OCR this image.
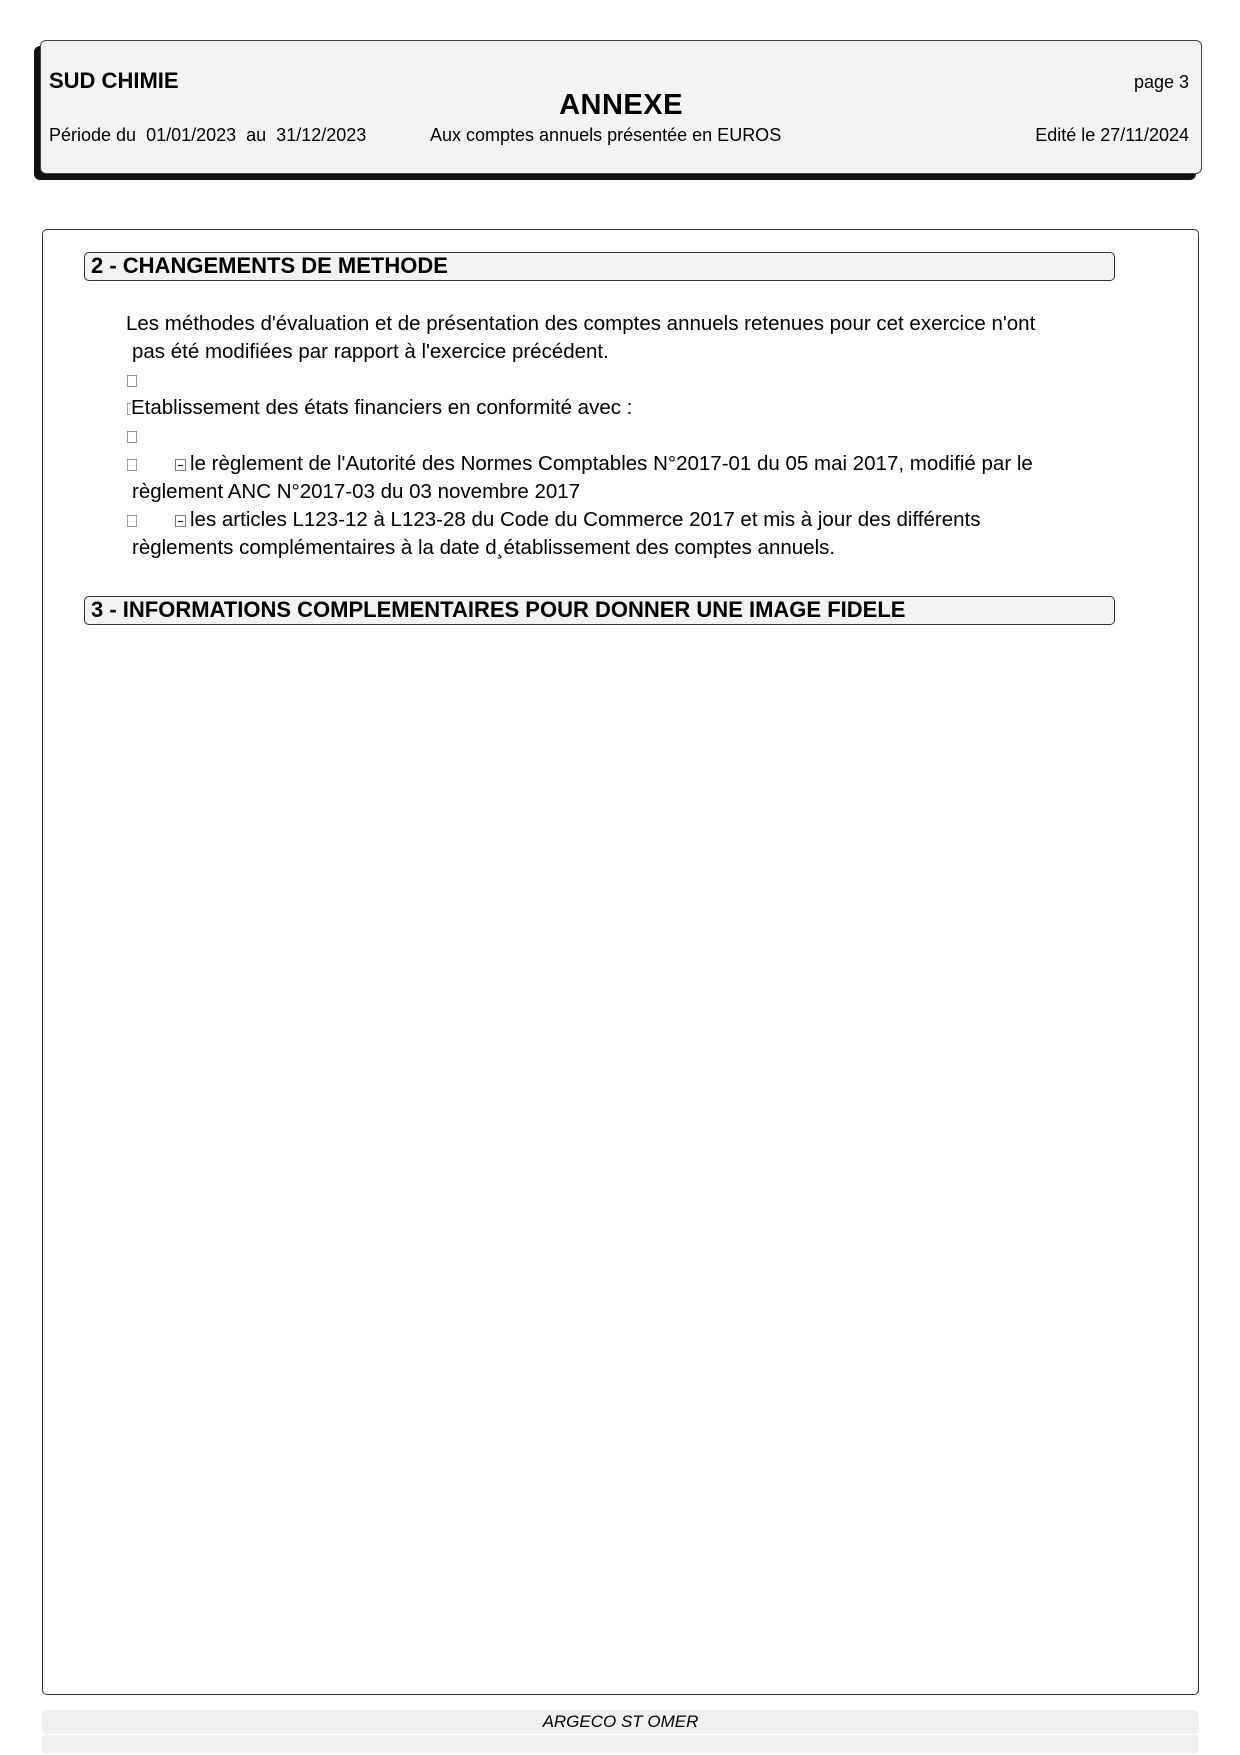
SUD CHIMIE
ANNEXE
page 3
Période du  01/01/2023  au  31/12/2023	Aux comptes annuels présentée en EUROS	Edité le 27/11/2024
2 - CHANGEMENTS DE METHODE
Les méthodes d'évaluation et de présentation des comptes annuels retenues pour cet exercice n'ont
pas été modifiées par rapport à l'exercice précédent.
Etablissement des états financiers en conformité avec :
le règlement de l'Autorité des Normes Comptables N°2017-01 du 05 mai 2017, modifié par le
règlement ANC N°2017-03 du 03 novembre 2017
les articles L123-12 à L123-28 du Code du Commerce 2017 et mis à jour des différents
règlements complémentaires à la date d¸établissement des comptes annuels.
3 - INFORMATIONS COMPLEMENTAIRES POUR DONNER UNE IMAGE FIDELE
ARGECO ST OMER
